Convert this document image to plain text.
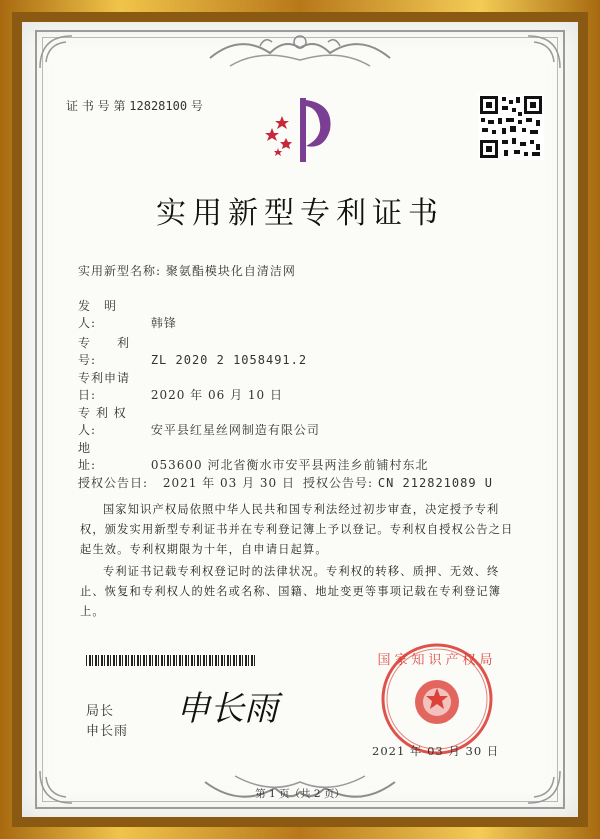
证 书 号 第 12828100 号
实用新型专利证书
实用新型名称: 聚氨酯模块化自清洁网
发　明　人:	韩锋
专　　利　号:	ZL 2020 2 1058491.2
专利申请日:	2020 年 06 月 10 日
专 利 权 人:	安平县红星丝网制造有限公司
地　　　　址:	053600 河北省衡水市安平县两洼乡前铺村东北
授权公告日: 2021 年 03 月 30 日 授权公告号: CN 212821089 U
国家知识产权局依照中华人民共和国专利法经过初步审查，决定授予专利权，颁发实用新型专利证书并在专利登记簿上予以登记。专利权自授权公告之日起生效。专利权期限为十年，自申请日起算。
专利证书记载专利权登记时的法律状况。专利权的转移、质押、无效、终止、恢复和专利权人的姓名或名称、国籍、地址变更等事项记载在专利登记簿上。
局长
申长雨
申长雨
国家知识产权局
2021 年 03 月 30 日
第 1 页（共 2 页）
